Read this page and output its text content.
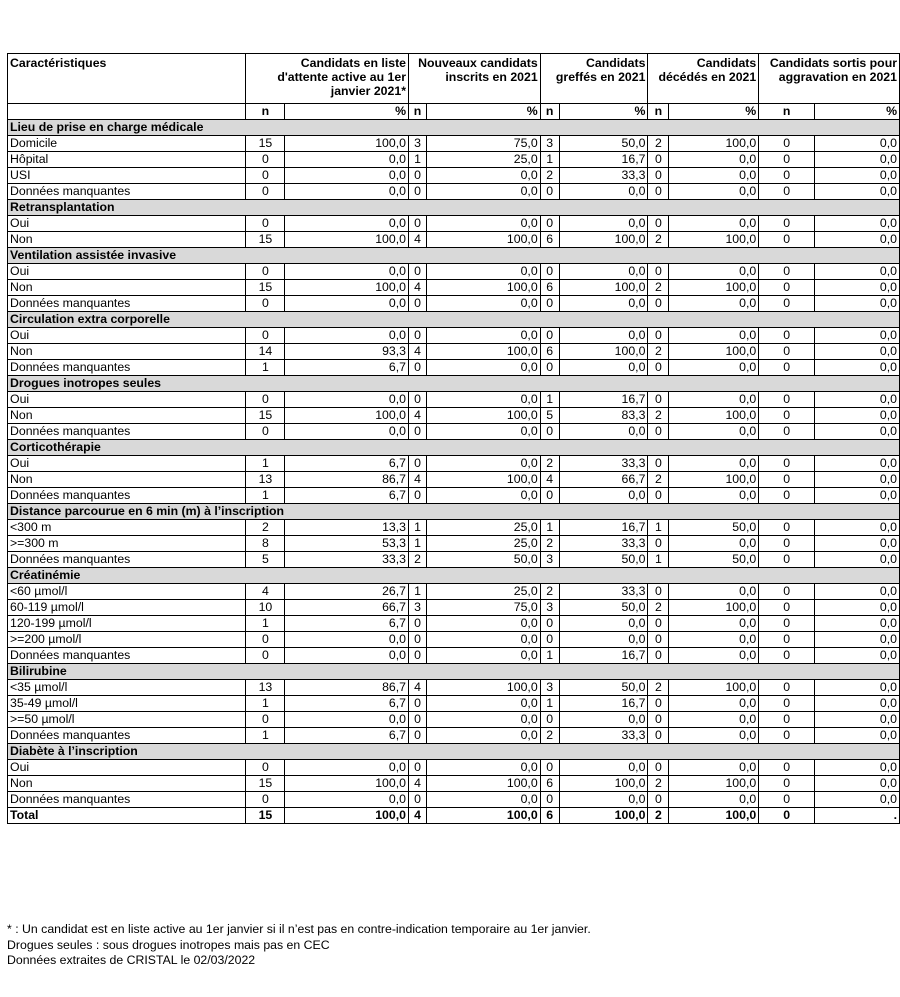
Caractéristiques	Candidats en liste d'attente active au 1er janvier 2021*		Nouveaux candidats inscrits en 2021		Candidats greffés en 2021		Candidats décédés en 2021		Candidats sortis pour aggravation en 2021	
	n	%	n	%	n	%	n	%	n	%
Lieu de prise en charge médicale										
Domicile	15	100,0	3	75,0	3	50,0	2	100,0	0	0,0
Hôpital	0	0,0	1	25,0	1	16,7	0	0,0	0	0,0
USI	0	0,0	0	0,0	2	33,3	0	0,0	0	0,0
Données manquantes	0	0,0	0	0,0	0	0,0	0	0,0	0	0,0
Retransplantation										
Oui	0	0,0	0	0,0	0	0,0	0	0,0	0	0,0
Non	15	100,0	4	100,0	6	100,0	2	100,0	0	0,0
Ventilation assistée invasive										
Oui	0	0,0	0	0,0	0	0,0	0	0,0	0	0,0
Non	15	100,0	4	100,0	6	100,0	2	100,0	0	0,0
Données manquantes	0	0,0	0	0,0	0	0,0	0	0,0	0	0,0
Circulation extra corporelle										
Oui	0	0,0	0	0,0	0	0,0	0	0,0	0	0,0
Non	14	93,3	4	100,0	6	100,0	2	100,0	0	0,0
Données manquantes	1	6,7	0	0,0	0	0,0	0	0,0	0	0,0
Drogues inotropes seules										
Oui	0	0,0	0	0,0	1	16,7	0	0,0	0	0,0
Non	15	100,0	4	100,0	5	83,3	2	100,0	0	0,0
Données manquantes	0	0,0	0	0,0	0	0,0	0	0,0	0	0,0
Corticothérapie										
Oui	1	6,7	0	0,0	2	33,3	0	0,0	0	0,0
Non	13	86,7	4	100,0	4	66,7	2	100,0	0	0,0
Données manquantes	1	6,7	0	0,0	0	0,0	0	0,0	0	0,0
Distance parcourue en 6 min (m) à l’inscription										
<300 m	2	13,3	1	25,0	1	16,7	1	50,0	0	0,0
>=300 m	8	53,3	1	25,0	2	33,3	0	0,0	0	0,0
Données manquantes	5	33,3	2	50,0	3	50,0	1	50,0	0	0,0
Créatinémie										
<60 µmol/l	4	26,7	1	25,0	2	33,3	0	0,0	0	0,0
60-119 µmol/l	10	66,7	3	75,0	3	50,0	2	100,0	0	0,0
120-199 µmol/l	1	6,7	0	0,0	0	0,0	0	0,0	0	0,0
>=200 µmol/l	0	0,0	0	0,0	0	0,0	0	0,0	0	0,0
Données manquantes	0	0,0	0	0,0	1	16,7	0	0,0	0	0,0
Bilirubine										
<35 µmol/l	13	86,7	4	100,0	3	50,0	2	100,0	0	0,0
35-49 µmol/l	1	6,7	0	0,0	1	16,7	0	0,0	0	0,0
>=50 µmol/l	0	0,0	0	0,0	0	0,0	0	0,0	0	0,0
Données manquantes	1	6,7	0	0,0	2	33,3	0	0,0	0	0,0
Diabète à l’inscription										
Oui	0	0,0	0	0,0	0	0,0	0	0,0	0	0,0
Non	15	100,0	4	100,0	6	100,0	2	100,0	0	0,0
Données manquantes	0	0,0	0	0,0	0	0,0	0	0,0	0	0,0
Total	15	100,0	4	100,0	6	100,0	2	100,0	0	.
* : Un candidat est en liste active au 1er janvier si il n’est pas en contre-indication temporaire au 1er janvier.
Drogues seules : sous drogues inotropes mais pas en CEC
Données extraites de CRISTAL le 02/03/2022
